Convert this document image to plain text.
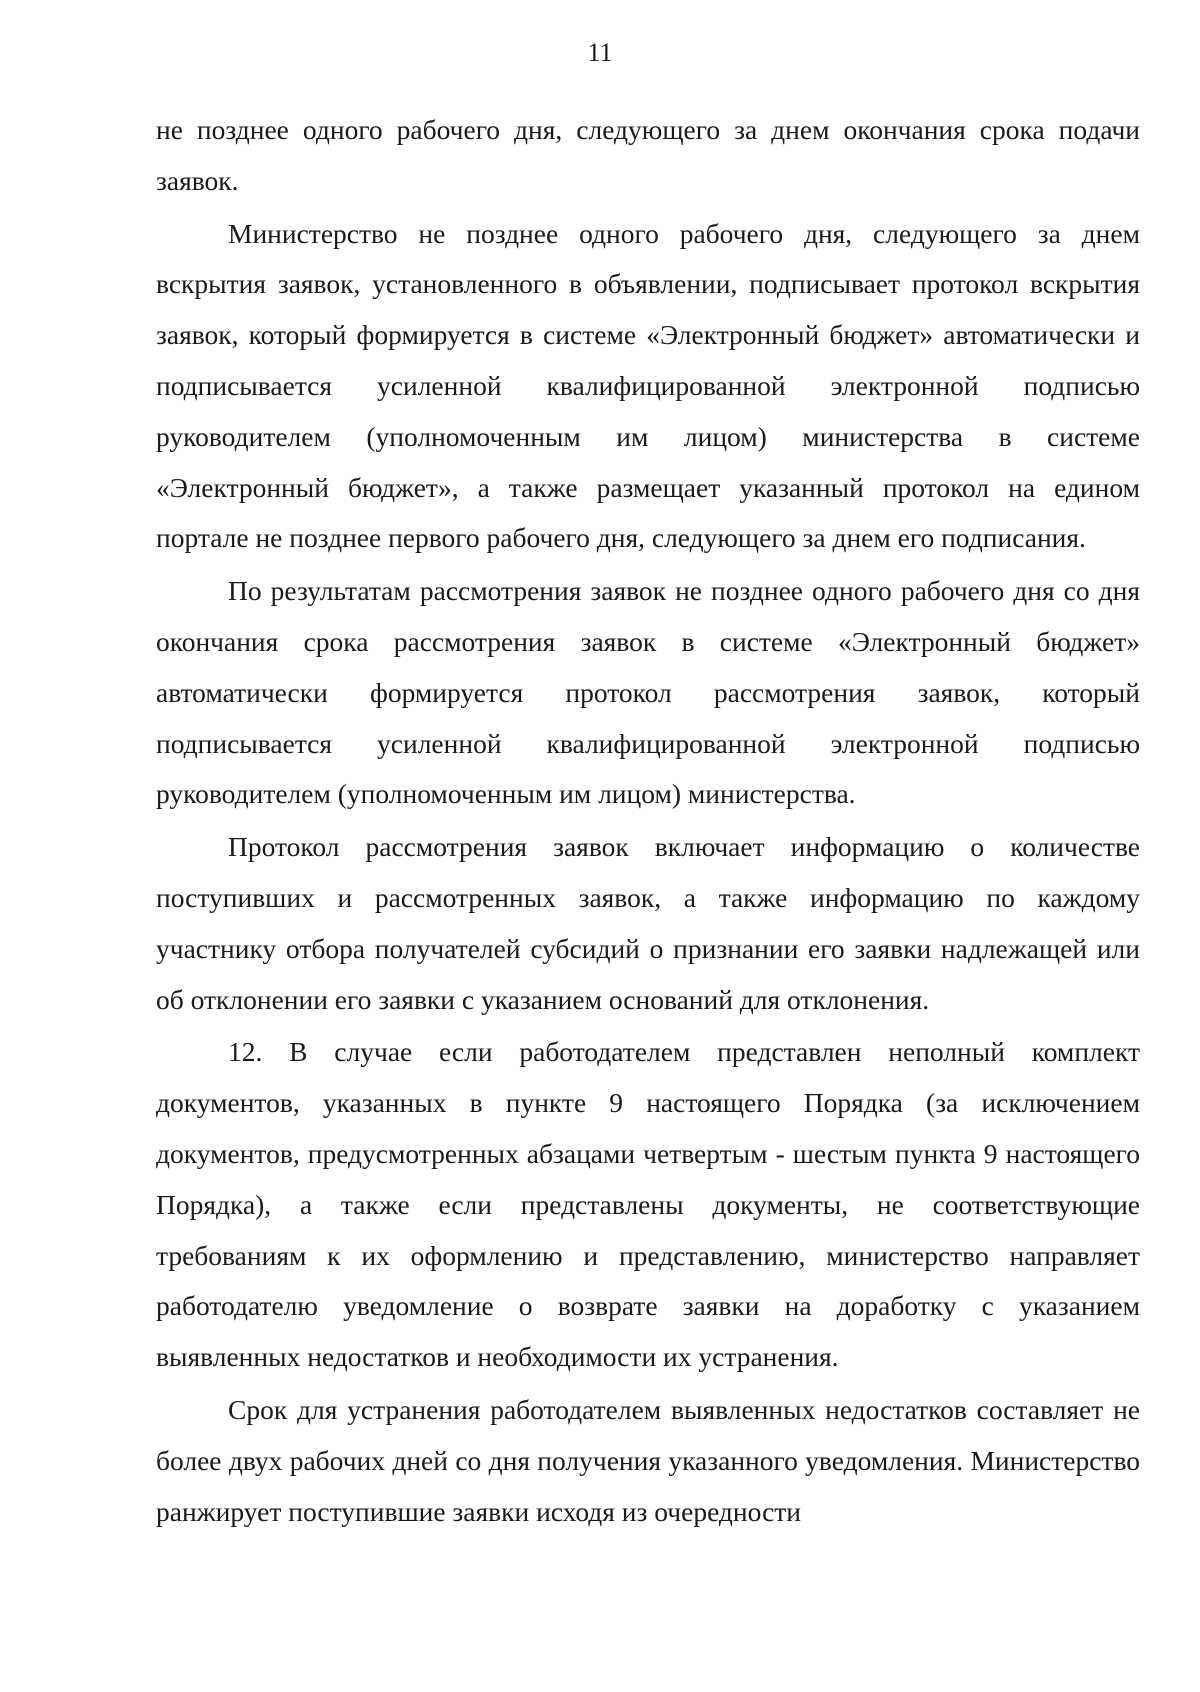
11

не позднее одного рабочего дня, следующего за днем окончания срока подачи заявок.

Министерство не позднее одного рабочего дня, следующего за днем вскрытия заявок, установленного в объявлении, подписывает протокол вскрытия заявок, который формируется в системе «Электронный бюджет» автоматически и подписывается усиленной квалифицированной электронной подписью руководителем (уполномоченным им лицом) министерства в системе «Электронный бюджет», а также размещает указанный протокол на едином портале не позднее первого рабочего дня, следующего за днем его подписания.

По результатам рассмотрения заявок не позднее одного рабочего дня со дня окончания срока рассмотрения заявок в системе «Электронный бюджет» автоматически формируется протокол рассмотрения заявок, который подписывается усиленной квалифицированной электронной подписью руководителем (уполномоченным им лицом) министерства.

Протокол рассмотрения заявок включает информацию о количестве поступивших и рассмотренных заявок, а также информацию по каждому участнику отбора получателей субсидий о признании его заявки надлежащей или об отклонении его заявки с указанием оснований для отклонения.

12. В случае если работодателем представлен неполный комплект документов, указанных в пункте 9 настоящего Порядка (за исключением документов, предусмотренных абзацами четвертым - шестым пункта 9 настоящего Порядка), а также если представлены документы, не соответствующие требованиям к их оформлению и представлению, министерство направляет работодателю уведомление о возврате заявки на доработку с указанием выявленных недостатков и необходимости их устранения.

Срок для устранения работодателем выявленных недостатков составляет не более двух рабочих дней со дня получения указанного уведомления. Министерство ранжирует поступившие заявки исходя из очередности
